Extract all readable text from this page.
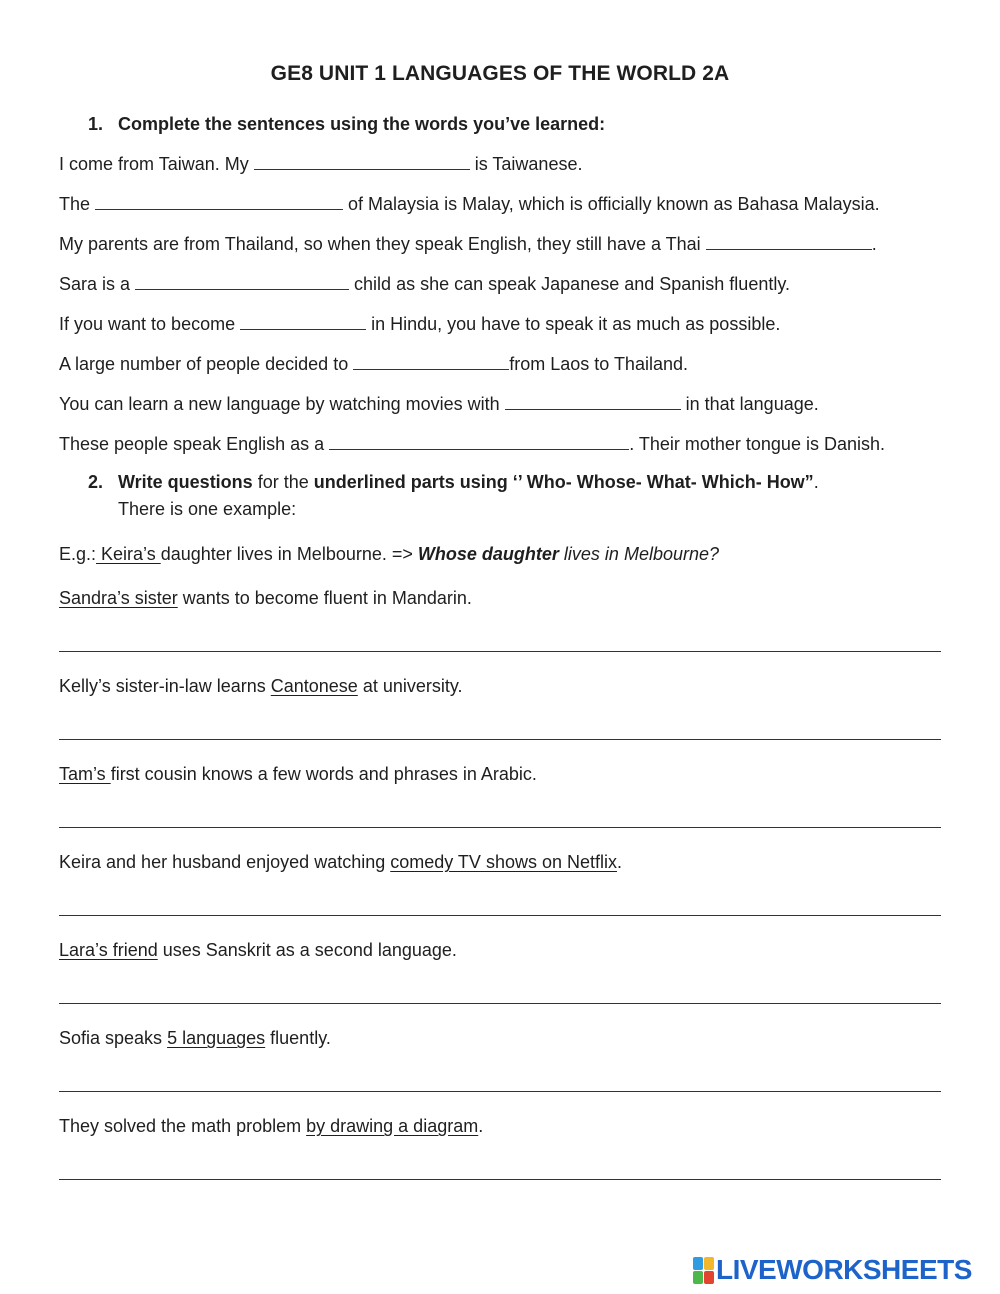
GE8 UNIT 1 LANGUAGES OF THE WORLD 2A
1. Complete the sentences using the words you’ve learned:
I come from Taiwan. My	is Taiwanese.
The	of Malaysia is Malay, which is officially known as Bahasa Malaysia.
My parents are from Thailand, so when they speak English, they still have a Thai	.
Sara is a	child as she can speak Japanese and Spanish fluently.
If you want to become	in Hindu, you have to speak it as much as possible.
A large number of people decided to	from Laos to Thailand.
You can learn a new language by watching movies with	in that language.
These people speak English as a	. Their mother tongue is Danish.
2. Write questions for the underlined parts using ‘’ Who- Whose- What- Which- How”.
There is one example:
E.g.: Keira’s daughter lives in Melbourne. => Whose daughter lives in Melbourne?
Sandra’s sister wants to become fluent in Mandarin.
Kelly’s sister-in-law learns Cantonese at university.
Tam’s first cousin knows a few words and phrases in Arabic.
Keira and her husband enjoyed watching comedy TV shows on Netflix.
Lara’s friend uses Sanskrit as a second language.
Sofia speaks 5 languages fluently.
They solved the math problem by drawing a diagram.
LIVEWORKSHEETS
